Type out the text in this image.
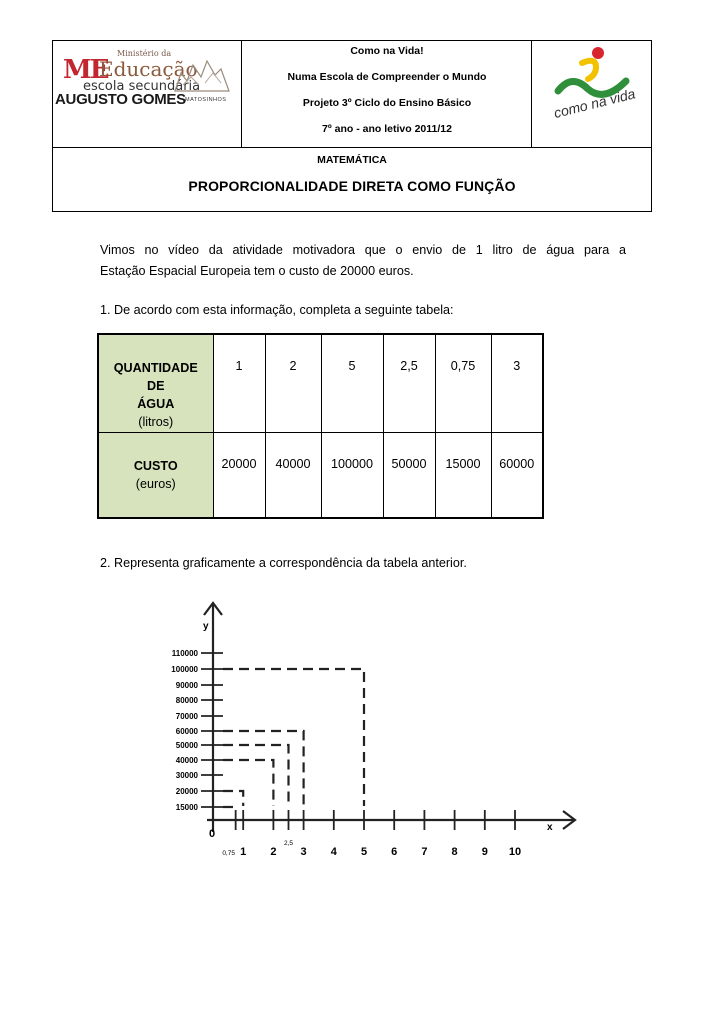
ME
Ministério da
Educação
escola secundária
AUGUSTO GOMES MATOSINHOS
Como na Vida!
Numa Escola de Compreender o Mundo
Projeto 3º Ciclo do Ensino Básico
7º ano - ano letivo 2011/12
como na vida
MATEMÁTICA
PROPORCIONALIDADE DIRETA COMO FUNÇÃO
Vimos no vídeo da atividade motivadora que o envio de 1 litro de água para a
Estação Espacial Europeia tem o custo de 20000 euros.
1. De acordo com esta informação, completa a seguinte tabela:
QUANTIDADE
DE
ÁGUA
(litros)	1	2	5	2,5	0,75	3

CUSTO
(euros)	20000	40000	100000	50000	15000	60000
2. Representa graficamente a correspondência da tabela anterior.
y
x
110000
100000
90000
80000
70000
60000
50000
40000
30000
20000
15000
0
1 2 3 4 5 6 7 8 9 10
0,75
2,5
